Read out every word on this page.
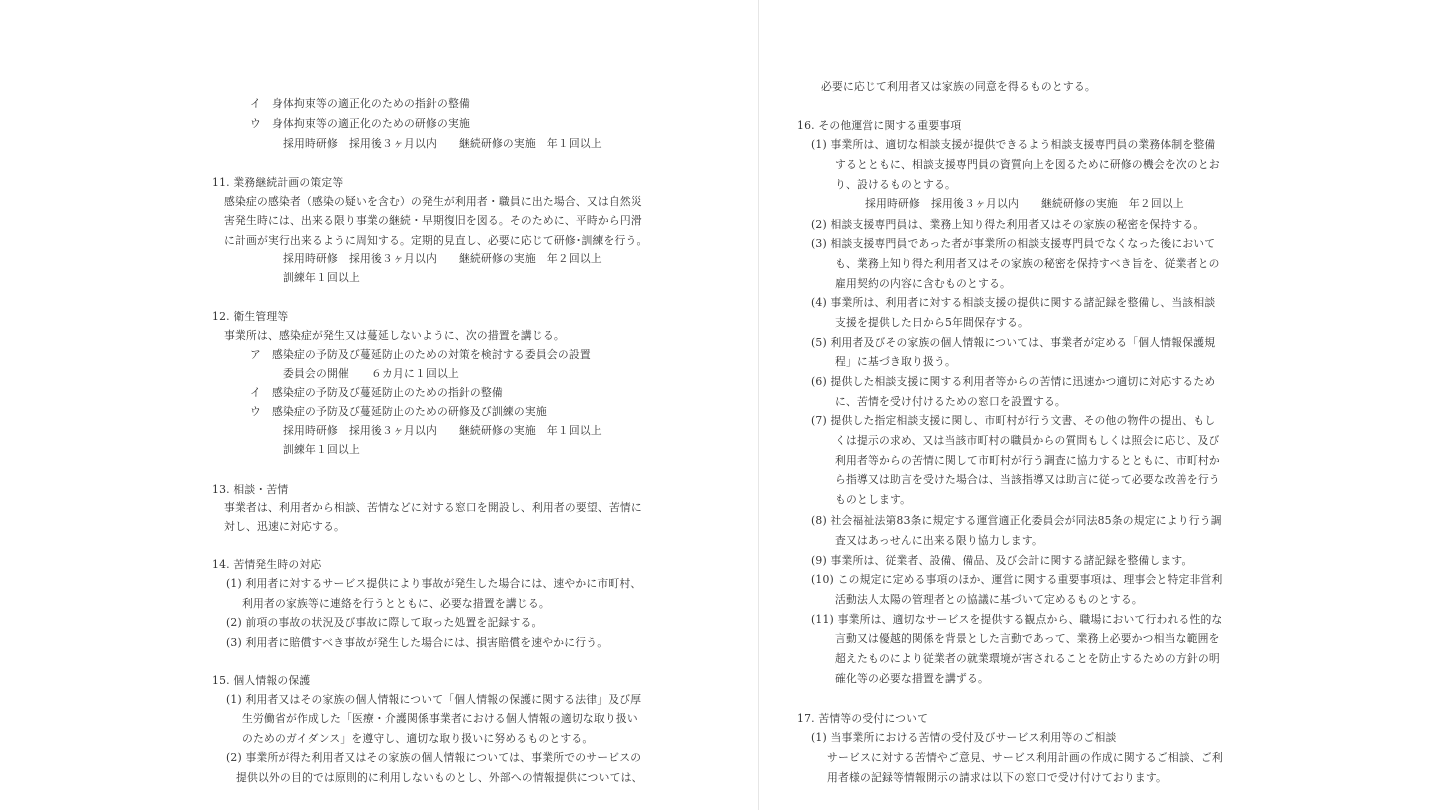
イ　身体拘束等の適正化のための指針の整備
ウ　身体拘束等の適正化のための研修の実施
採用時研修　採用後３ヶ月以内　　継続研修の実施　年１回以上
11. 業務継続計画の策定等
感染症の感染者（感染の疑いを含む）の発生が利用者・職員に出た場合、又は自然災
害発生時には、出来る限り事業の継続・早期復旧を図る。そのために、平時から円滑
に計画が実行出来るように周知する。定期的見直し、必要に応じて研修･訓練を行う。
採用時研修　採用後３ヶ月以内　　継続研修の実施　年２回以上
訓練年１回以上
12. 衛生管理等
事業所は、感染症が発生又は蔓延しないように、次の措置を講じる。
ア　感染症の予防及び蔓延防止のための対策を検討する委員会の設置
委員会の開催　　６カ月に１回以上
イ　感染症の予防及び蔓延防止のための指針の整備
ウ　感染症の予防及び蔓延防止のための研修及び訓練の実施
採用時研修　採用後３ヶ月以内　　継続研修の実施　年１回以上
訓練年１回以上
13. 相談・苦情
事業者は、利用者から相談、苦情などに対する窓口を開設し、利用者の要望、苦情に
対し、迅速に対応する。
14. 苦情発生時の対応
(1) 利用者に対するサービス提供により事故が発生した場合には、速やかに市町村、
利用者の家族等に連絡を行うとともに、必要な措置を講じる。
(2) 前項の事故の状況及び事故に際して取った処置を記録する。
(3) 利用者に賠償すべき事故が発生した場合には、損害賠償を速やかに行う。
15. 個人情報の保護
(1) 利用者又はその家族の個人情報について「個人情報の保護に関する法律」及び厚
生労働省が作成した「医療・介護関係事業者における個人情報の適切な取り扱い
のためのガイダンス」を遵守し、適切な取り扱いに努めるものとする。
(2) 事業所が得た利用者又はその家族の個人情報については、事業所でのサービスの
提供以外の目的では原則的に利用しないものとし、外部への情報提供については、
必要に応じて利用者又は家族の同意を得るものとする。
16. その他運営に関する重要事項
(1) 事業所は、適切な相談支援が提供できるよう相談支援専門員の業務体制を整備
するとともに、相談支援専門員の資質向上を図るために研修の機会を次のとお
り、設けるものとする。
採用時研修　採用後３ヶ月以内　　継続研修の実施　年２回以上
(2) 相談支援専門員は、業務上知り得た利用者又はその家族の秘密を保持する。
(3) 相談支援専門員であった者が事業所の相談支援専門員でなくなった後において
も、業務上知り得た利用者又はその家族の秘密を保持すべき旨を、従業者との
雇用契約の内容に含むものとする。
(4) 事業所は、利用者に対する相談支援の提供に関する諸記録を整備し、当該相談
支援を提供した日から5年間保存する。
(5) 利用者及びその家族の個人情報については、事業者が定める「個人情報保護規
程」に基づき取り扱う。
(6) 提供した相談支援に関する利用者等からの苦情に迅速かつ適切に対応するため
に、苦情を受け付けるための窓口を設置する。
(7) 提供した指定相談支援に関し、市町村が行う文書、その他の物件の提出、もし
くは提示の求め、又は当該市町村の職員からの質問もしくは照会に応じ、及び
利用者等からの苦情に関して市町村が行う調査に協力するとともに、市町村か
ら指導又は助言を受けた場合は、当該指導又は助言に従って必要な改善を行う
ものとします。
(8) 社会福祉法第83条に規定する運営適正化委員会が同法85条の規定により行う調
査又はあっせんに出来る限り協力します。
(9) 事業所は、従業者、設備、備品、及び会計に関する諸記録を整備します。
(10) この規定に定める事項のほか、運営に関する重要事項は、理事会と特定非営利
活動法人太陽の管理者との協議に基づいて定めるものとする。
(11) 事業所は、適切なサービスを提供する観点から、職場において行われる性的な
言動又は優越的関係を背景とした言動であって、業務上必要かつ相当な範囲を
超えたものにより従業者の就業環境が害されることを防止するための方針の明
確化等の必要な措置を講ずる。
17. 苦情等の受付について
(1) 当事業所における苦情の受付及びサービス利用等のご相談
サービスに対する苦情やご意見、サービス利用計画の作成に関するご相談、ご利
用者様の記録等情報開示の請求は以下の窓口で受け付けております。
